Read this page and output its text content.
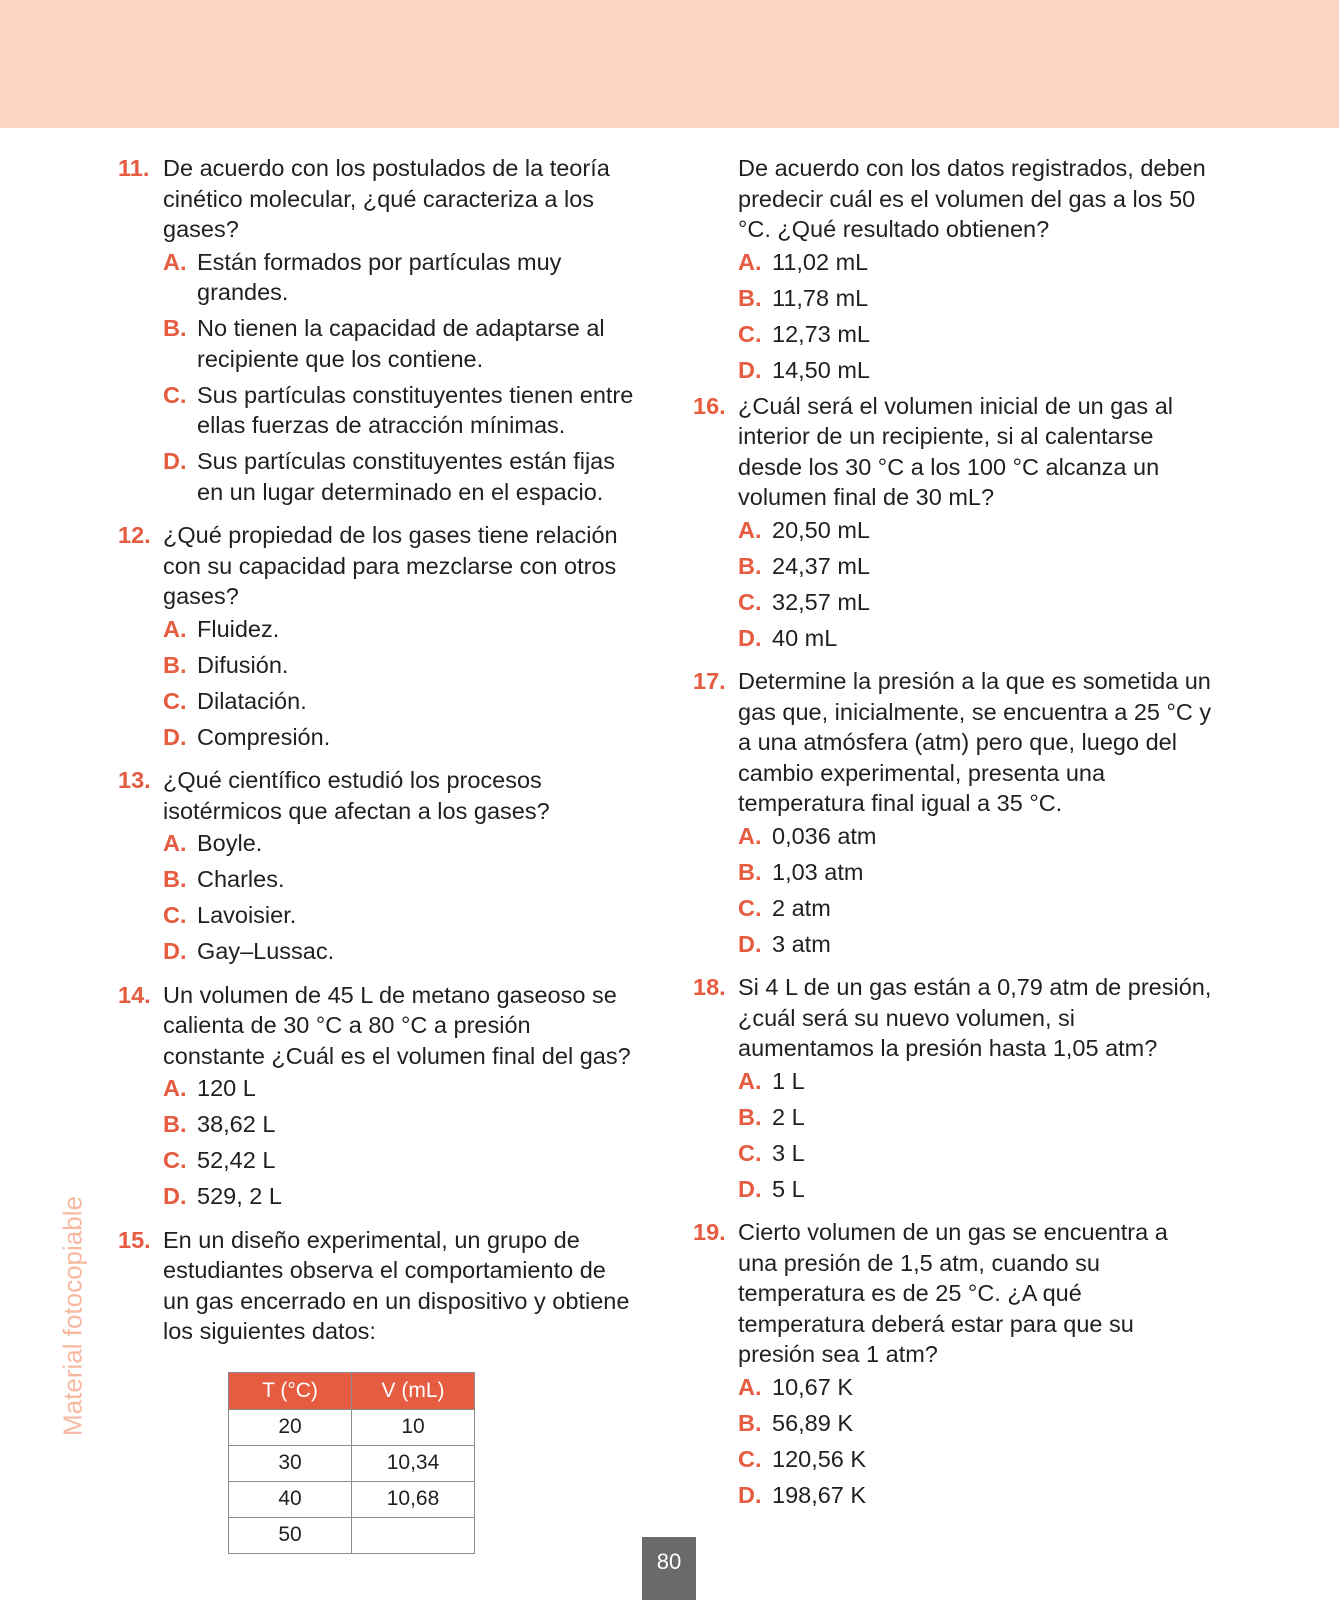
Material fotocopiable
11. De acuerdo con los postulados de la teoría cinético molecular, ¿qué caracteriza a los gases?

A. Están formados por partículas muy grandes.
B. No tienen la capacidad de adaptarse al recipiente que los contiene.
C. Sus partículas constituyentes tienen entre ellas fuerzas de atracción mínimas.
D. Sus partículas constituyentes están fijas en un lugar determinado en el espacio.
12. ¿Qué propiedad de los gases tiene relación con su capacidad para mezclarse con otros gases?

A. Fluidez.
B. Difusión.
C. Dilatación.
D. Compresión.
13. ¿Qué científico estudió los procesos isotérmicos que afectan a los gases?

A. Boyle.
B. Charles.
C. Lavoisier.
D. Gay–Lussac.
14. Un volumen de 45 L de metano gaseoso se calienta de 30 °C a 80 °C a presión constante ¿Cuál es el volumen final del gas?

A. 120 L
B. 38,62 L
C. 52,42 L
D. 529, 2 L
15. En un diseño experimental, un grupo de estudiantes observa el comportamiento de un gas encerrado en un dispositivo y obtiene los siguientes datos:

T (°C)	V (mL)
20	10
30	10,34
40	10,68
50	

De acuerdo con los datos registrados, deben predecir cuál es el volumen del gas a los 50 °C. ¿Qué resultado obtienen?

A. 11,02 mL
B. 11,78 mL
C. 12,73 mL
D. 14,50 mL
16. ¿Cuál será el volumen inicial de un gas al interior de un recipiente, si al calentarse desde los 30 °C a los 100 °C alcanza un volumen final de 30 mL?

A. 20,50 mL
B. 24,37 mL
C. 32,57 mL
D. 40 mL
17. Determine la presión a la que es sometida un gas que, inicialmente, se encuentra a 25 °C y a una atmósfera (atm) pero que, luego del cambio experimental, presenta una temperatura final igual a 35 °C.

A. 0,036 atm
B. 1,03 atm
C. 2 atm
D. 3 atm
18. Si 4 L de un gas están a 0,79 atm de presión, ¿cuál será su nuevo volumen, si aumentamos la presión hasta 1,05 atm?

A. 1 L
B. 2 L
C. 3 L
D. 5 L
19. Cierto volumen de un gas se encuentra a una presión de 1,5 atm, cuando su temperatura es de 25 °C. ¿A qué temperatura deberá estar para que su presión sea 1 atm?

A. 10,67 K
B. 56,89 K
C. 120,56 K
D. 198,67 K
80
